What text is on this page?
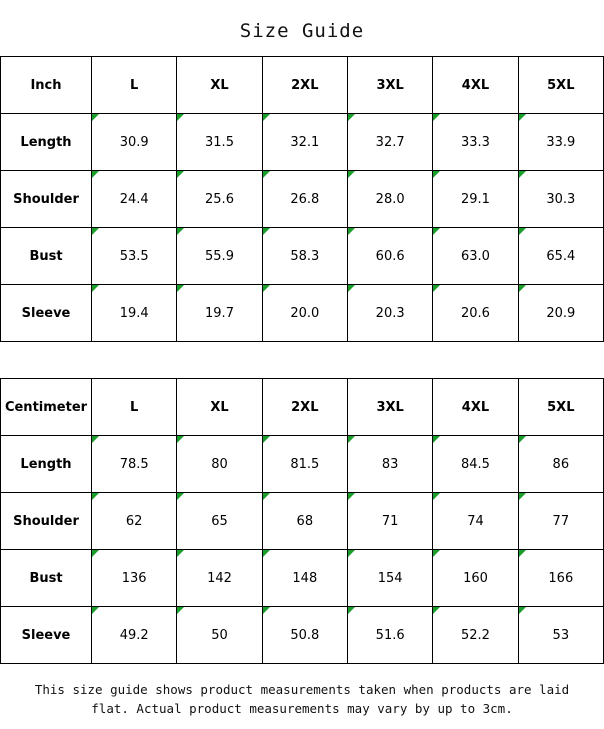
Size Guide
Inch	L	XL	2XL	3XL	4XL	5XL
Length	30.9	31.5	32.1	32.7	33.3	33.9
Shoulder	24.4	25.6	26.8	28.0	29.1	30.3
Bust	53.5	55.9	58.3	60.6	63.0	65.4
Sleeve	19.4	19.7	20.0	20.3	20.6	20.9
Centimeter	L	XL	2XL	3XL	4XL	5XL
Length	78.5	80	81.5	83	84.5	86
Shoulder	62	65	68	71	74	77
Bust	136	142	148	154	160	166
Sleeve	49.2	50	50.8	51.6	52.2	53
This size guide shows product measurements taken when products are laid flat. Actual product measurements may vary by up to 3cm.
